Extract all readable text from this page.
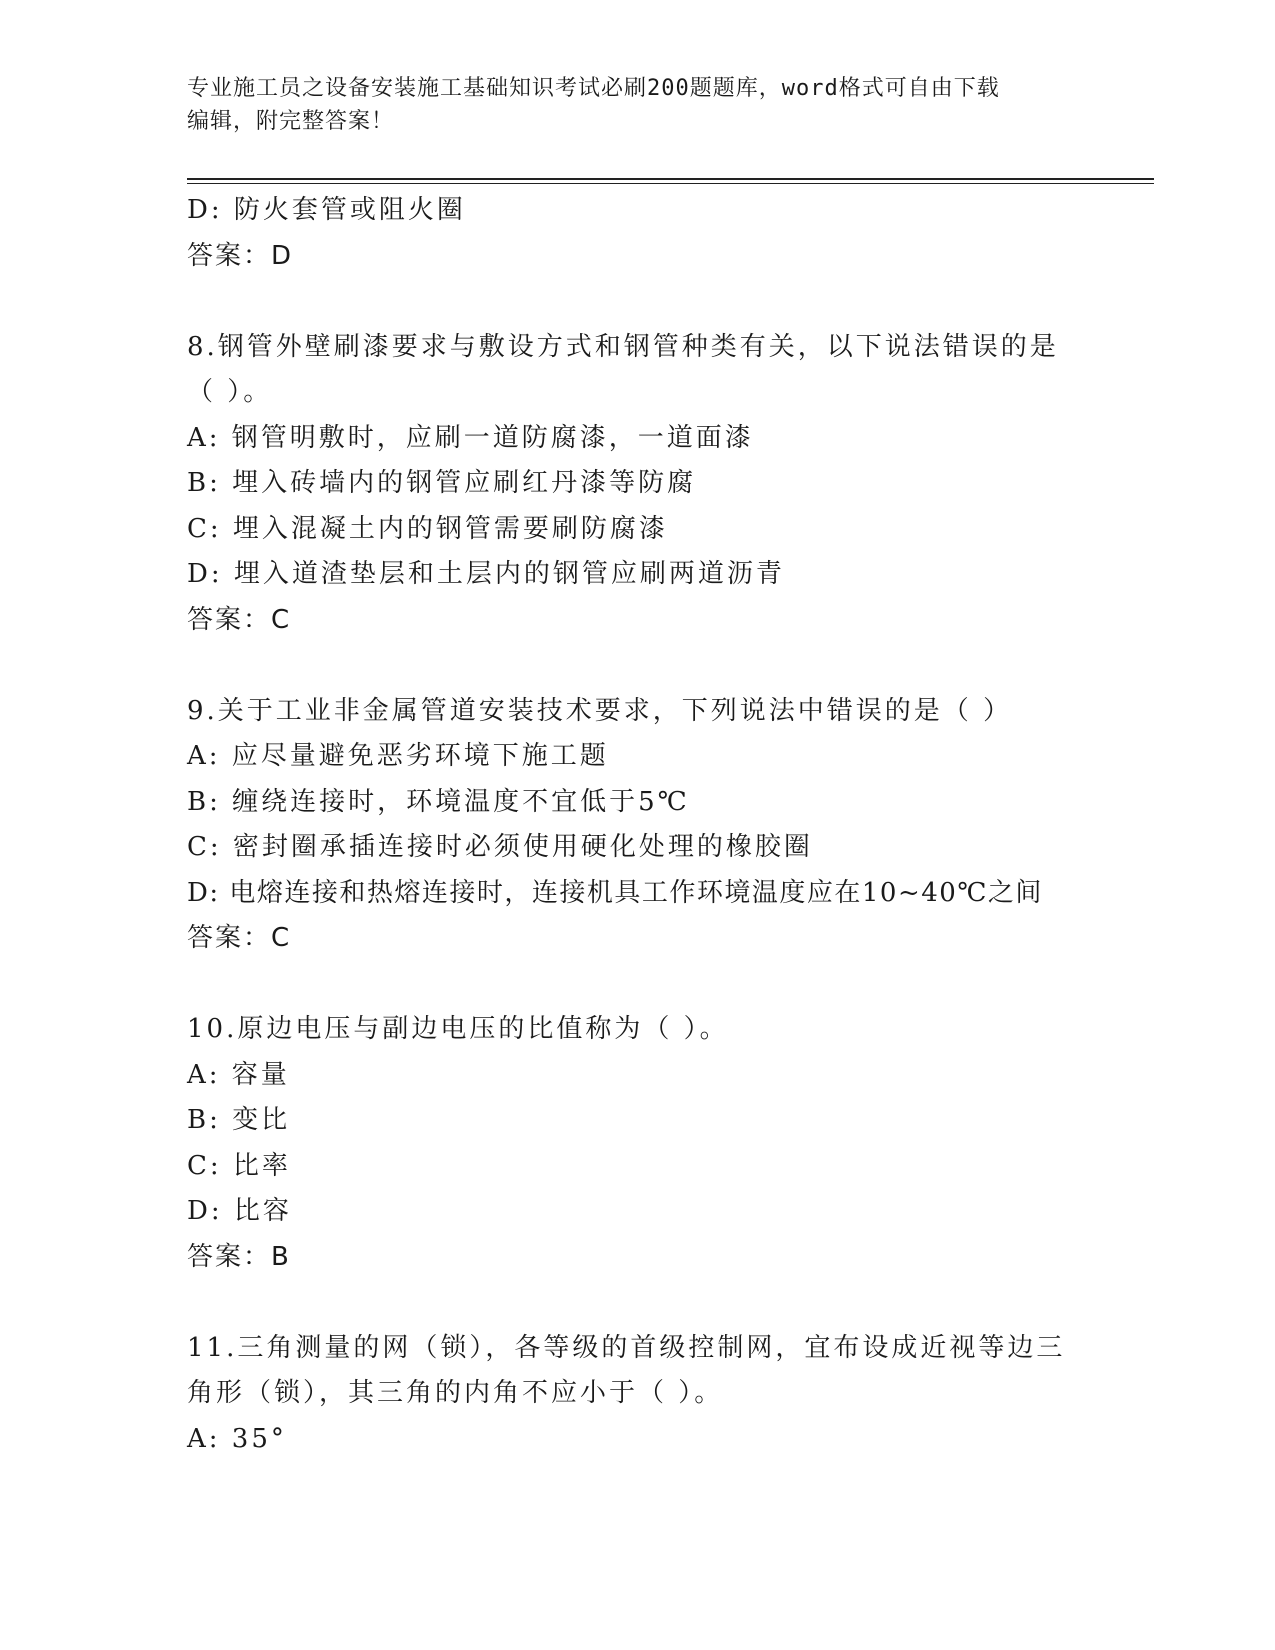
专业施工员之设备安装施工基础知识考试必刷200题题库，word格式可自由下载
编辑，附完整答案！
D: 防火套管或阻火圈
答案：D
8.钢管外壁刷漆要求与敷设方式和钢管种类有关，以下说法错误的是
（ ）。
A: 钢管明敷时，应刷一道防腐漆，一道面漆
B: 埋入砖墙内的钢管应刷红丹漆等防腐
C: 埋入混凝土内的钢管需要刷防腐漆
D: 埋入道渣垫层和土层内的钢管应刷两道沥青
答案：C
9.关于工业非金属管道安装技术要求，下列说法中错误的是（ ）
A: 应尽量避免恶劣环境下施工题
B: 缠绕连接时，环境温度不宜低于5℃
C: 密封圈承插连接时必须使用硬化处理的橡胶圈
D: 电熔连接和热熔连接时，连接机具工作环境温度应在10~40℃之间
答案：C
10.原边电压与副边电压的比值称为（ ）。
A: 容量
B: 变比
C: 比率
D: 比容
答案：B
11.三角测量的网（锁），各等级的首级控制网，宜布设成近视等边三
角形（锁），其三角的内角不应小于（ ）。
A: 35°
